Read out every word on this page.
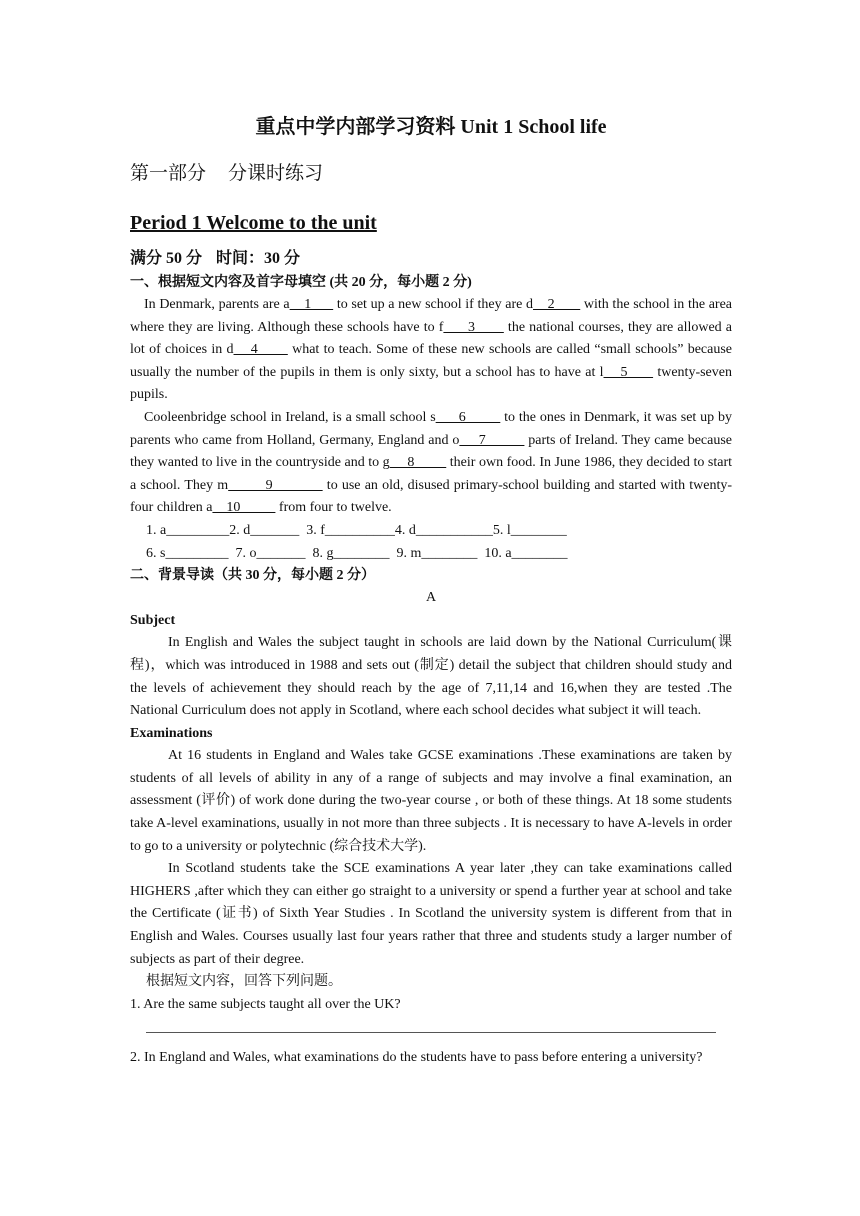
重点中学内部学习资料 Unit 1 School life
第一部分 分课时练习
Period 1 Welcome to the unit
满分 50 分 时间：30 分
一、根据短文内容及首字母填空 (共 20 分，每小题 2 分)

In Denmark, parents are a    1       to set up a new school if they are d    2        with the school in the area where they are living. Although these schools have to f      3        the national courses, they are allowed a lot of choices in d    4        what to teach. Some of these new schools are called “small schools” because usually the number of the pupils in them is only sixty, but a school has to have at l    5       twenty-seven pupils.

Cooleenbridge school in Ireland, is a small school s      6          to the ones in Denmark, it was set up by parents who came from Holland, Germany, England and o     7           parts of Ireland. They came because they wanted to live in the countryside and to g     8          their own food. In June 1986, they decided to start a school. They m         9             to use an old, disused primary-school building and started with twenty-four children a    10           from four to twelve.

1. a_________2. d_______  3. f__________4. d___________5. l________
6. s_________  7. o_______  8. g________  9. m________  10. a________
二、背景导读（共 30 分，每小题 2 分）
A
Subject

In English and Wales the subject taught in schools are laid down by the National Curriculum(课程)，which was introduced in 1988 and sets out (制定) detail the subject that children should study and the levels of achievement they should reach by the age of 7,11,14 and 16,when they are tested .The National Curriculum does not apply in Scotland, where each school decides what subject it will teach.

Examinations

At 16 students in England and Wales take GCSE examinations .These examinations are taken by students of all levels of ability in any of a range of subjects and may involve a final examination, an assessment (评价) of work done during the two-year course , or both of these things. At 18 some students take A-level examinations, usually in not more than three subjects . It is necessary to have A-levels in order to go to a university or polytechnic (综合技术大学).

In Scotland students take the SCE examinations A year later ,they can take examinations called HIGHERS ,after which they can either go straight to a university or spend a further year at school and take the Certificate (证书) of Sixth Year Studies . In Scotland the university system is different from that in English and Wales. Courses usually last four years rather that three and students study a larger number of subjects as part of their degree.

根据短文内容，回答下列问题。
1. Are the same subjects taught all over the UK?

2. In England and Wales, what examinations do the students have to pass before entering a university?
